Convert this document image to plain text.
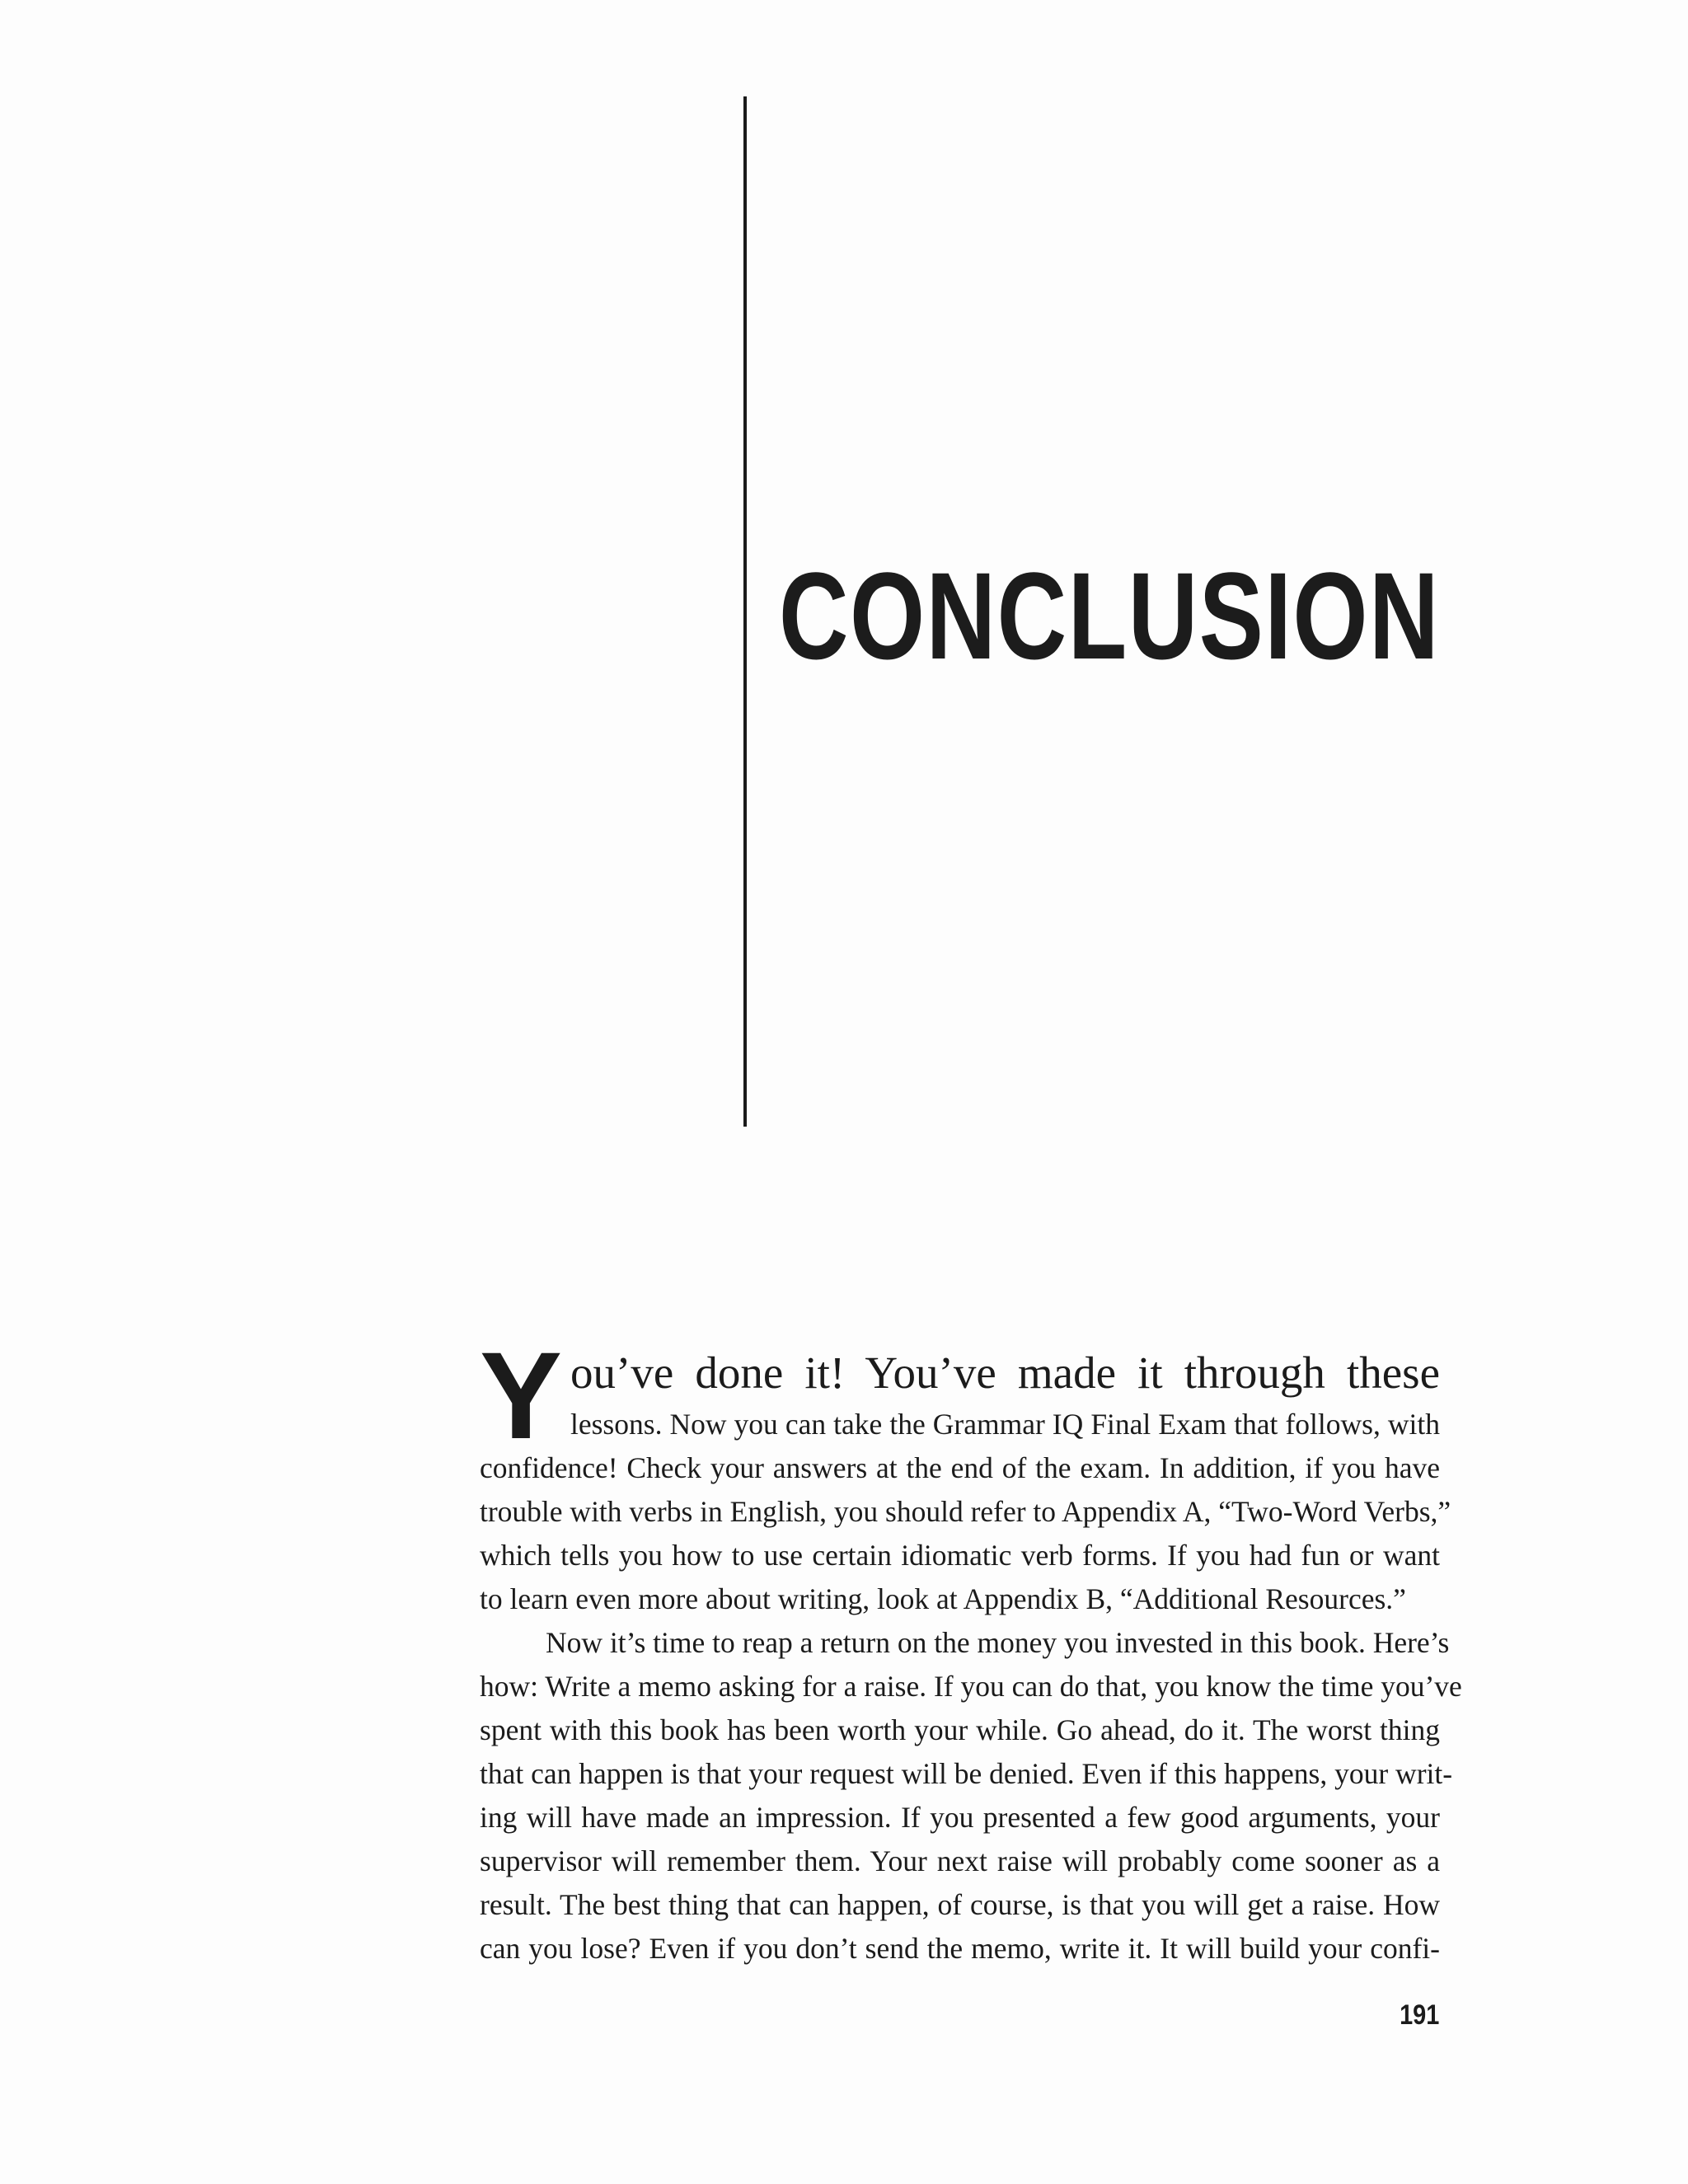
CONCLUSION
Y ou’ve done it! You’ve made it through these
lessons. Now you can take the Grammar IQ Final Exam that follows, with
confidence! Check your answers at the end of the exam. In addition, if you have
trouble with verbs in English, you should refer to Appendix A, “Two-Word Verbs,”
which tells you how to use certain idiomatic verb forms. If you had fun or want
to learn even more about writing, look at Appendix B, “Additional Resources.”
Now it’s time to reap a return on the money you invested in this book. Here’s
how: Write a memo asking for a raise. If you can do that, you know the time you’ve
spent with this book has been worth your while. Go ahead, do it. The worst thing
that can happen is that your request will be denied. Even if this happens, your writ-
ing will have made an impression. If you presented a few good arguments, your
supervisor will remember them. Your next raise will probably come sooner as a
result. The best thing that can happen, of course, is that you will get a raise. How
can you lose? Even if you don’t send the memo, write it. It will build your confi-
191
